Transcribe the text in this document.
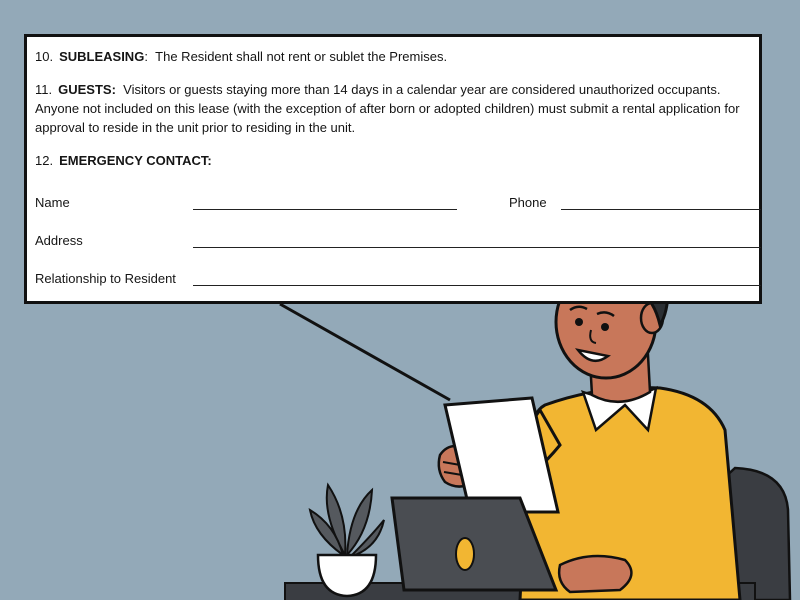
10. SUBLEASING: The Resident shall not rent or sublet the Premises.

11. GUESTS: Visitors or guests staying more than 14 days in a calendar year are considered unauthorized occupants. Anyone not included on this lease (with the exception of after born or adopted children) must submit a rental application for approval to reside in the unit prior to residing in the unit.

12. EMERGENCY CONTACT:
Name	Phone
Address
Relationship to Resident
